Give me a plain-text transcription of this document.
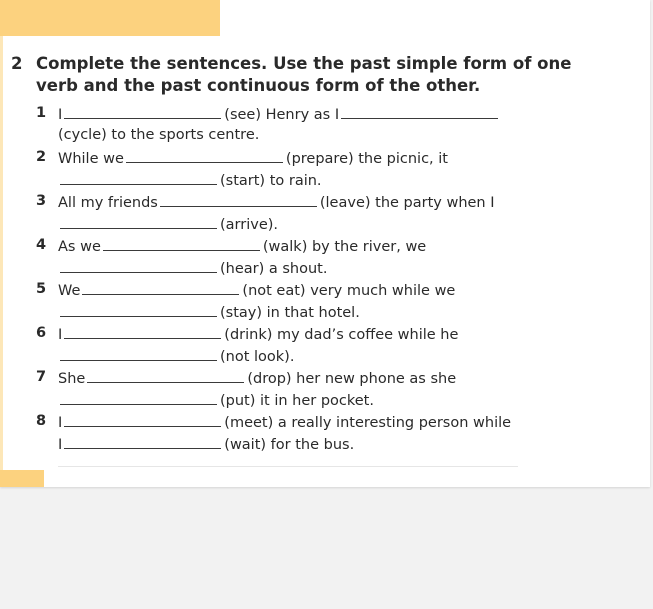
2 Complete the sentences. Use the past simple form of one verb and the past continuous form of the other.
1 I	(see) Henry as I
(cycle) to the sports centre.
2 While we	(prepare) the picnic, it
(start) to rain.
3 All my friends	(leave) the party when I
(arrive).
4 As we	(walk) by the river, we
(hear) a shout.
5 We	(not eat) very much while we
(stay) in that hotel.
6 I	(drink) my dad’s coffee while he
(not look).
7 She	(drop) her new phone as she
(put) it in her pocket.
8 I	(meet) a really interesting person while
I	(wait) for the bus.
